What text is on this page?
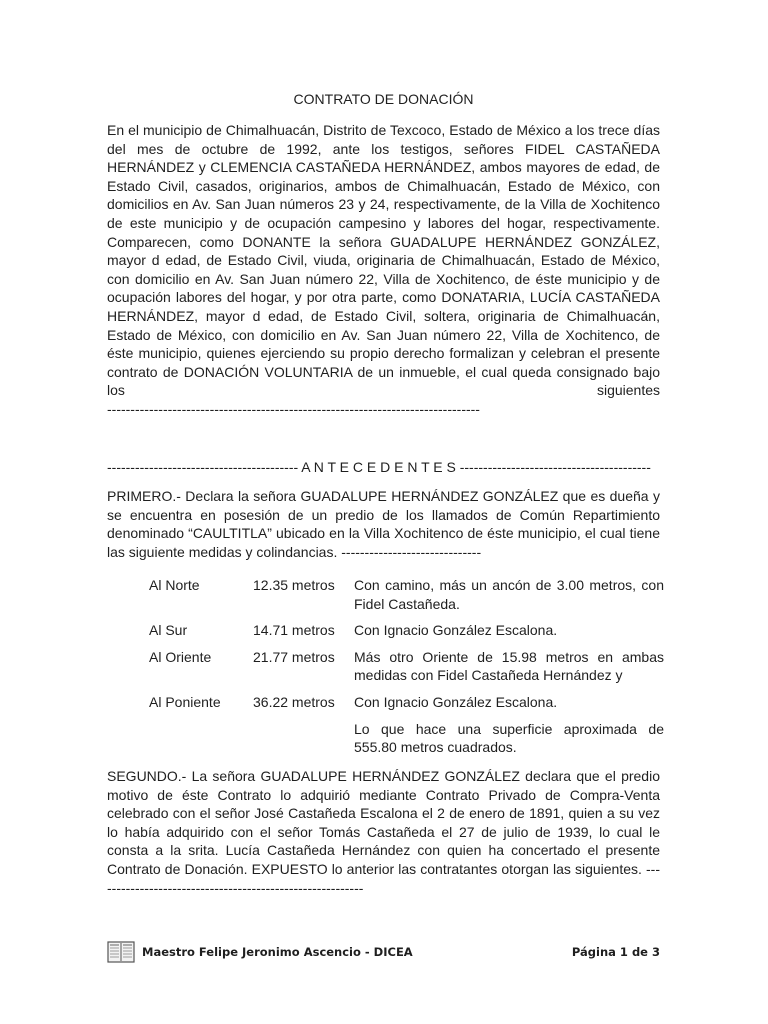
CONTRATO DE DONACIÓN
En el municipio de Chimalhuacán, Distrito de Texcoco, Estado de México a los trece días del mes de octubre de 1992, ante los testigos, señores FIDEL CASTAÑEDA HERNÁNDEZ y CLEMENCIA CASTAÑEDA HERNÁNDEZ, ambos mayores de edad, de Estado Civil, casados, originarios, ambos de Chimalhuacán, Estado de México, con domicilios en Av. San Juan números 23 y 24, respectivamente, de la Villa de Xochitenco de este municipio y de ocupación campesino y labores del hogar, respectivamente. Comparecen, como DONANTE la señora GUADALUPE HERNÁNDEZ GONZÁLEZ, mayor d edad, de Estado Civil, viuda, originaria de Chimalhuacán, Estado de México, con domicilio en Av. San Juan número 22, Villa de Xochitenco, de éste municipio y de ocupación labores del hogar, y por otra parte, como DONATARIA, LUCÍA CASTAÑEDA HERNÁNDEZ, mayor d edad, de Estado Civil, soltera, originaria de Chimalhuacán, Estado de México, con domicilio en Av. San Juan número 22, Villa de Xochitenco, de éste municipio, quienes ejerciendo su propio derecho formalizan y celebran el presente contrato de DONACIÓN VOLUNTARIA de un inmueble, el cual queda consignado bajo los siguientes
--------------------------------------------------------------------------------
----------------------------------------- A N T E C E D E N T E S -----------------------------------------
PRIMERO.- Declara la señora GUADALUPE HERNÁNDEZ GONZÁLEZ que es dueña y se encuentra en posesión de un predio de los llamados de Común Repartimiento denominado “CAULTITLA” ubicado en la Villa Xochitenco de éste municipio, el cual tiene las siguiente medidas y colindancias. ------------------------------
Al Norte	12.35 metros	Con camino, más un ancón de 3.00 metros, con Fidel Castañeda.
Al Sur	14.71 metros	Con Ignacio González Escalona.
Al Oriente	21.77 metros	Más otro Oriente de 15.98 metros en ambas medidas con Fidel Castañeda Hernández y
Al Poniente	36.22 metros	Con Ignacio González Escalona.
Lo que hace una superficie aproximada de 555.80 metros cuadrados.
SEGUNDO.- La señora GUADALUPE HERNÁNDEZ GONZÁLEZ declara que el predio motivo de éste Contrato lo adquirió mediante Contrato Privado de Compra-Venta celebrado con el señor José Castañeda Escalona el 2 de enero de 1891, quien a su vez lo había adquirido con el señor Tomás Castañeda el 27 de julio de 1939, lo cual le consta a la srita. Lucía Castañeda Hernández con quien ha concertado el presente Contrato de Donación. EXPUESTO lo anterior las contratantes otorgan las siguientes. ----------------------------------------------------------
Maestro Felipe Jeronimo Ascencio - DICEA	Página 1 de 3
